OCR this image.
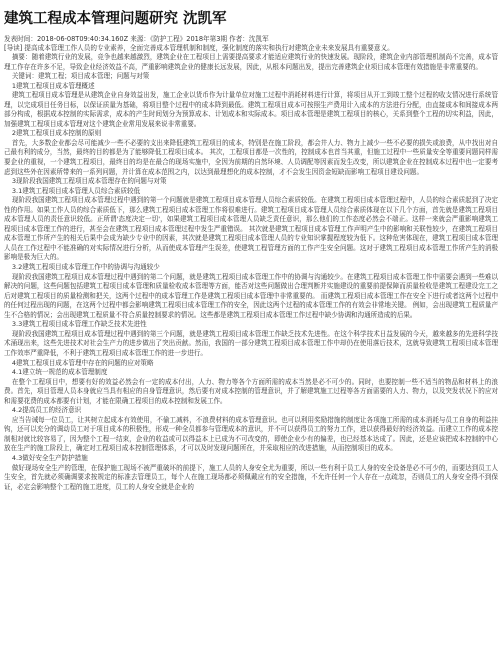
建筑工程成本管理问题研究 沈凯军
发表时间：2018-06-08T09:40:34.160Z 来源：《防护工程》2018年第3期 作者：沈凯军
[导读] 提高成本管理工作人员的专业素养，全面完善成本管理机制和制度，强化制度的落实和执行对建筑企业未来发展具有重要意义。

摘要：随着建筑行业的发展，竞争也越来越激烈，建筑企业在工程项目上需要提高要求才能适应建筑行业的快速发展。现阶段，建筑企业内部管理机制尚不完善，成本管理工作存在许多不足，导致企业经济效益不高，严重影响建筑企业的健康长远发展，因此，从根本问题出发，提出完善建筑企业项目成本管理有效措施是非常重要的。

关键词：建筑工程；项目成本管理；问题与对策

1建筑工程项目成本管理概述

建筑工程项目成本管理是从建筑企业自身效益出发，施工企业以货币作为计量单位对施工过程中消耗材料进行计算，将项目从开工到竣工整个过程的收支情况进行系统管理，以完成项目任务目标，以保证质量为基础，将项目整个过程中的成本降到最低。建筑工程项目成本可按照生产费用计入成本的方法进行分配，由直接成本和间接成本两部分构成，根据成本控制的实际需求，成本的产生时间划分为预算成本、计划成本和实际成本。项目成本管理是建筑工程项目的核心，关系到整个工程的切实利益，因此，加强建筑工程项目成本管理对这个建筑企业常用发展来说非常重要。

2建筑工程项目成本控制的原则

首先，大多数企业都会尽可能减少一些不必要的支出来降低建筑工程项目的成本，特别是在施工阶段，都会井人力、物力上减少一些不必要的损失或浪费，从中找出对自己最有利的成分，当然，最终的目的都是为了能够降低工程项目成本。 其次，工程项目都是一次性的，控制成本也首当其重，但施工过程中一些质量安全等重要问题同样需要企业的重视，一个建筑工程项目，最终目的均是在最合的现场实施中，全因为前期的自然环境、人员调配等因素而发生改变，所以建筑企业在控制成本过程中也一定要考虑到这些外在因素所带来的一系列问题，并计算在成本范围之内，以达到最理想化的成本控制，才不会发生因资金短缺而影响工程项目建设问题。

3现阶段我国建筑工程项目成本管理存在的问题与对策

3.1建筑工程项目成本管理人员综合素质较低

现阶段我国建筑工程项目成本管理过程中遇到的第一个问题就是建筑工程项目成本管理人员综合素质较低。在建筑工程项目成本管理过程中，人员的综合素质起到了决定性的作用。如果工作人员的综合素质低下，那么建筑工程项目成本管理工作将很难进行。建筑工程项目成本管理人员综合素质体现在以下几个方面，首先就是建筑工程项目成本管理人员的责任意识较低。正所谓'态度决定一切'，如果建筑工程项目成本管理人员缺乏责任意识，那么他们的工作态度必然会不端正。这样一来就会严重影响建筑工程项目成本管理工作的进行，甚至会在建筑工程项目成本管理过程中发生严重错误。 其次就是建筑工程项目成本管理工作声明产生中的影响和关联性较少，在建筑工程项目成本管理工作所产生的相关后果中会成为缺少专业中的因素，其次就是建筑工程项目成本管理人员的专业知识掌握程度较为低下。这种危害体现在，建筑工程项目成本管理人员在工作过程中不能准确的对实际情况进行分析，从而使成本管理产生误差，使建筑工程管理方面的工作产生安全问题。这对于建筑工程项目成本管理工作所产生的消极影响是极为巨大的。

3.2建筑工程项目成本管理工作中的协调与沟通较少

现阶段我国建筑工程项目成本管理过程中遇到的第二个问题，就是建筑工程项目成本管理工作中的协调与沟通较少。在建筑工程项目成本管理工作中需要会遇到一些难以解决的问题，这些问题包括建筑工程项目成本管理和质量检收成本管理等方面，能否对这些问题做出合理判断并实施建设的重要前提保障而质量检收是建筑工程建设完工之后对建筑工程项目的质量检测和把关，这两个过程中的成本管理工作是建筑工程项目成本管理中非常重要的。 而建筑工程项目成本管理工作在安全下进行或者这两个过程中的任何过程出现的问题，在这两个过程中都会影响建筑工程项目成本管理工作的安全，因此这两个过程的成本管理工作的有效会非常地关键。 例如，会出现建筑工程质量产生不合格的情况；会出现建筑工程质量不符合质量控制要求的情况。这些都是建筑工程项目成本管理工作过程中缺少协调和沟通所造成的后果。

3.3建筑工程项目成本管理工作缺乏技术先进性

现阶段我国建筑工程项目成本管理过程中遇到的第三个问题，就是建筑工程项目成本管理工作缺乏技术先进性。在这个科学技术日益发展的今天，越来越多的先进科学技术涌现出来，这些先进技术对社会生产力的进步做出了突出贡献。然而，我国的一部分建筑工程项目成本管理工作中却仍在使用落后技术，这就导致建筑工程项目成本管理工作效率严重降低，不利于建筑工程项目成本管理工作的进一步进行。

4建筑工程项目成本管理中存在的问题的应对策略

4.1建立统一规范的成本管理制度

在整个工程项目中，想要有好的效益必然会有一定的成本付出，人力、物力等各个方面所需的成本当然是必不可少的。同时，也要控制一些不适当的物品和材料上的浪费。首先，项目管理人员本身就应当具有相应的自身管理意识，然后要有对成本控制的管理意识，并了解建筑施工过程等各方面需要的人力、物力，以及突发状况下的应对和需要花费的成本都要有计划，才能在限确工程项目的成本控制和发展工作。

4.2提高员工的经济意识

应当告诫每一位员工，让其树立起成本有效使用，不偷工减料，不浪费材料的成本管理意识。也可以利用奖励措施的制度让各项施工所需的成本消耗与员工自身的利益挂钩，还可以充分的调动员工对于项目成本的积极性，形成一种全员都参与管理成本的意识，并不可以获得员工的努力工作，进以获得最好的经济效益。而建立工作的成本控制相对就比较容易了，因为整个工程一结束，企业的收益或可以得益本上已成为不可改变的，即使企业少有的偏差，也已经基本达成了。因此，还是应该把成本控制的中心放在生产的施工阶段上，确定对工程项目成本控制管理体系，才可以及时发现问题所在，并采取相应的改进措施，从而控制项目的成本。

4.3做好安全生产防护措施

做好现场安全生产的管理，在保护施工现场不被严重破坏的前提下，施工人员的人身安全尤为重要，所以一些有利于员工人身的安全设备是必不可少的，而要达到员工人生安全，首先就必须确调要求按规定的标准去管理员工，每个人在施工现场都必须佩戴应有的安全措施，不允许任何一个人存在一点疏忽，否则员工的人身安全得不到保证，必定会影响整个工程的施工进度，员工的人身安全就是企业的
